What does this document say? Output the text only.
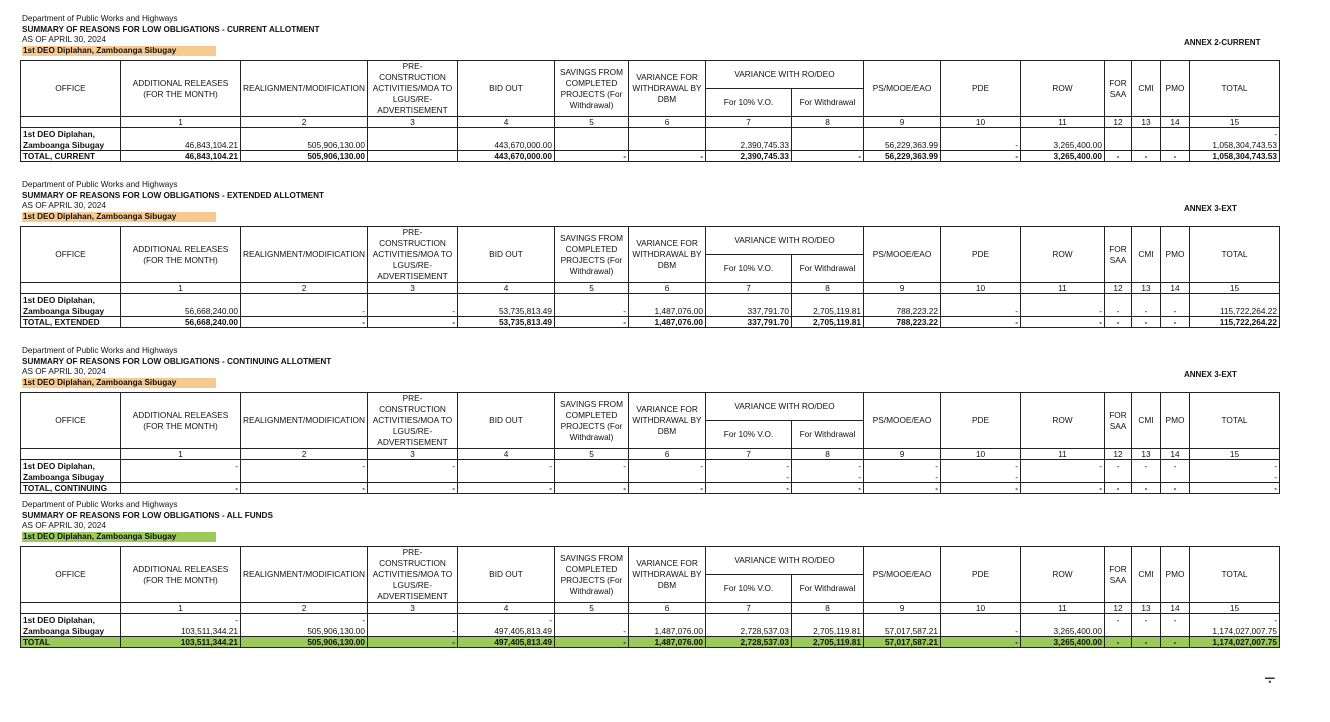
Department of Public Works and Highways
SUMMARY OF REASONS FOR LOW OBLIGATIONS - CURRENT ALLOTMENT
AS OF APRIL 30, 2024
1st DEO Diplahan, Zamboanga Sibugay
ANNEX 2-CURRENT
OFFICE	ADDITIONAL RELEASES (FOR THE MONTH)	REALIGNMENT/MODIFICATION	PRE-CONSTRUCTION ACTIVITIES/MOA TO LGUS/RE-ADVERTISEMENT	BID OUT	SAVINGS FROM COMPLETED PROJECTS (For Withdrawal)	VARIANCE FOR WITHDRAWAL BY DBM	VARIANCE WITH RO/DEO		PS/MOOE/EAO	PDE	ROW	FOR SAA	CMI	PMO	TOTAL
							For 10% V.O.	For Withdrawal							
	1	2	3	4	5	6	7	8	9	10	11	12	13	14	15
1st DEO Diplahan,															-
Zamboanga Sibugay	46,843,104.21	505,906,130.00		443,670,000.00			2,390,745.33		56,229,363.99	-	3,265,400.00				1,058,304,743.53
TOTAL, CURRENT	46,843,104.21	505,906,130.00		443,670,000.00	-	-	2,390,745.33	-	56,229,363.99	-	3,265,400.00	-	-	-	1,058,304,743.53
Department of Public Works and Highways
SUMMARY OF REASONS FOR LOW OBLIGATIONS - EXTENDED ALLOTMENT
AS OF APRIL 30, 2024
1st DEO Diplahan, Zamboanga Sibugay
ANNEX 3-EXT
OFFICE	ADDITIONAL RELEASES (FOR THE MONTH)	REALIGNMENT/MODIFICATION	PRE-CONSTRUCTION ACTIVITIES/MOA TO LGUS/RE-ADVERTISEMENT	BID OUT	SAVINGS FROM COMPLETED PROJECTS (For Withdrawal)	VARIANCE FOR WITHDRAWAL BY DBM	VARIANCE WITH RO/DEO		PS/MOOE/EAO	PDE	ROW	FOR SAA	CMI	PMO	TOTAL
							For 10% V.O.	For Withdrawal							
	1	2	3	4	5	6	7	8	9	10	11	12	13	14	15
1st DEO Diplahan,															
Zamboanga Sibugay	56,668,240.00	-	-	53,735,813.49	-	1,487,076.00	337,791.70	2,705,119.81	788,223.22	-	-	-	-	-	115,722,264.22
TOTAL, EXTENDED	56,668,240.00	-	-	53,735,813.49	-	1,487,076.00	337,791.70	2,705,119.81	788,223.22	-	-	-	-	-	115,722,264.22
Department of Public Works and Highways
SUMMARY OF REASONS FOR LOW OBLIGATIONS - CONTINUING ALLOTMENT
AS OF APRIL 30, 2024
1st DEO Diplahan, Zamboanga Sibugay
ANNEX 3-EXT
OFFICE	ADDITIONAL RELEASES (FOR THE MONTH)	REALIGNMENT/MODIFICATION	PRE-CONSTRUCTION ACTIVITIES/MOA TO LGUS/RE-ADVERTISEMENT	BID OUT	SAVINGS FROM COMPLETED PROJECTS (For Withdrawal)	VARIANCE FOR WITHDRAWAL BY DBM	VARIANCE WITH RO/DEO		PS/MOOE/EAO	PDE	ROW	FOR SAA	CMI	PMO	TOTAL
							For 10% V.O.	For Withdrawal							
	1	2	3	4	5	6	7	8	9	10	11	12	13	14	15
1st DEO Diplahan,	-	-	-	-	-	-	-	-	-	-	-	-	-	-	-
Zamboanga Sibugay							-	-	-	-					-
TOTAL, CONTINUING	-	-	-	-	-	-	-	-	-	-	-	-	-	-	-
Department of Public Works and Highways
SUMMARY OF REASONS FOR LOW OBLIGATIONS - ALL FUNDS
AS OF APRIL 30, 2024
1st DEO Diplahan, Zamboanga Sibugay
OFFICE	ADDITIONAL RELEASES (FOR THE MONTH)	REALIGNMENT/MODIFICATION	PRE-CONSTRUCTION ACTIVITIES/MOA TO LGUS/RE-ADVERTISEMENT	BID OUT	SAVINGS FROM COMPLETED PROJECTS (For Withdrawal)	VARIANCE FOR WITHDRAWAL BY DBM	VARIANCE WITH RO/DEO		PS/MOOE/EAO	PDE	ROW	FOR SAA	CMI	PMO	TOTAL
							For 10% V.O.	For Withdrawal							
	1	2	3	4	5	6	7	8	9	10	11	12	13	14	15
1st DEO Diplahan,	-	-		-								-	-	-	-
Zamboanga Sibugay	103,511,344.21	505,906,130.00	-	497,405,813.49	-	1,487,076.00	2,728,537.03	2,705,119.81	57,017,587.21	-	3,265,400.00				1,174,027,007.75
TOTAL	103,511,344.21	505,906,130.00	-	497,405,813.49	-	1,487,076.00	2,728,537.03	2,705,119.81	57,017,587.21	-	3,265,400.00	-	-	-	1,174,027,007.75
⨪
